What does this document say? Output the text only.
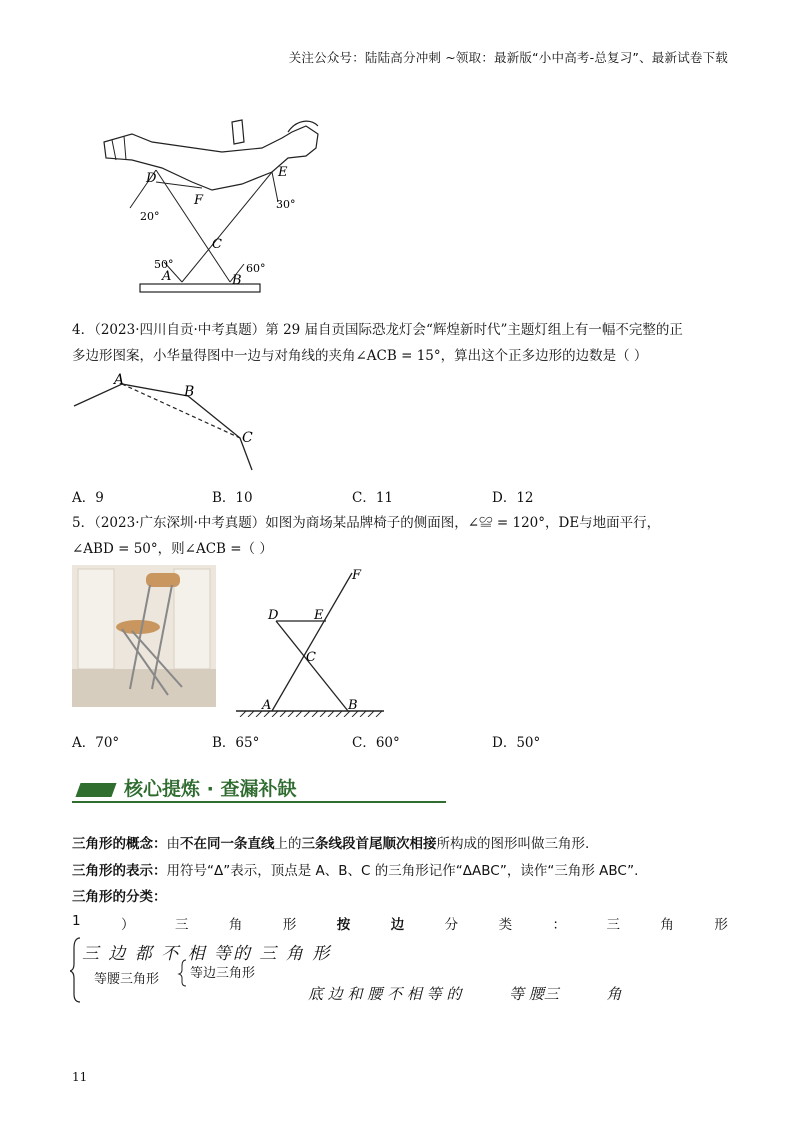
关注公众号：陆陆高分冲刺 ~领取：最新版“小中高考-总复习”、最新试卷下载
D	E
F
C
A	B
20°
30°
50°	60°
4．（2023·四川自贡·中考真题）第 29 届自贡国际恐龙灯会“辉煌新时代”主题灯组上有一幅不完整的正
多边形图案，小华量得图中一边与对角线的夹角∠ACB = 15°，算出这个正多边形的边数是（ ）
A
B
C
A．9	B．10	C．11	D．12
5．（2023·广东深圳·中考真题）如图为商场某品牌椅子的侧面图，∠≌ = 120°，DE与地面平行，
∠ABD = 50°，则∠ACB =（ ）
F
D	E
C
A	B
A．70°	B．65°	C．60°	D．50°
核心提炼 · 查漏补缺
三角形的概念：由不在同一条直线上的三条线段首尾顺次相接所构成的图形叫做三角形.
三角形的表示：用符号“Δ”表示，顶点是 A、B、C 的三角形记作“ΔABC”，读作“三角形 ABC”.
三角形的分类：
1	）	三	角	形	按	边	分	类	：	三	角	形
三 边 都 不 相 等的 三 角 形
等腰三角形 等边三角形
底 边 和 腰 不 相 等 的          等 腰三          角
11
